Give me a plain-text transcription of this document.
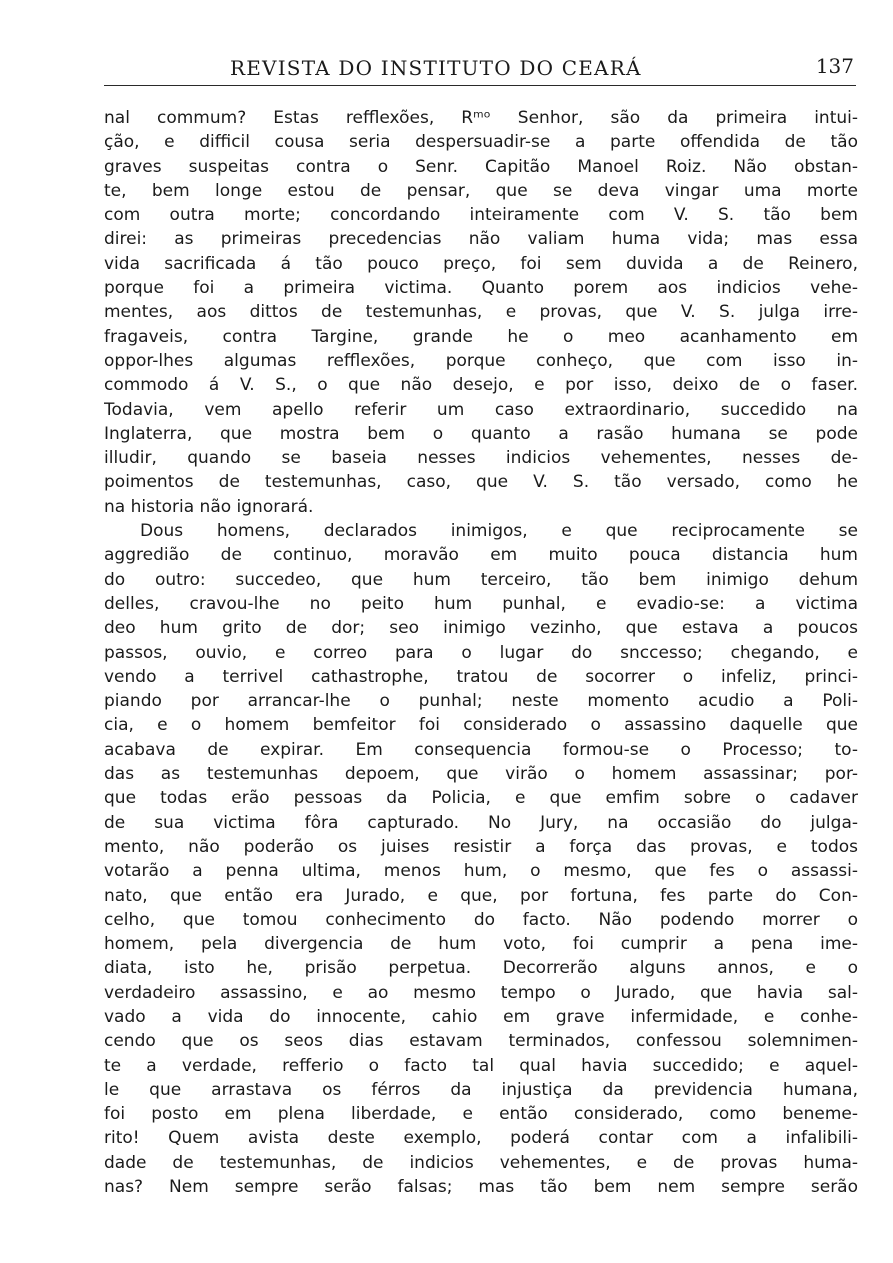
REVISTA DO INSTITUTO DO CEARÁ	137
nal commum? Estas refflexões, Rᵐᵒ Senhor, são da primeira intui-
ção, e difficil cousa seria despersuadir-se a parte offendida de tão
graves suspeitas contra o Senr. Capitão Manoel Roiz. Não obstan-
te, bem longe estou de pensar, que se deva vingar uma morte
com outra morte; concordando inteiramente com V. S. tão bem
direi: as primeiras precedencias não valiam huma vida; mas essa
vida sacrificada á tão pouco preço, foi sem duvida a de Reinero,
porque foi a primeira victima. Quanto porem aos indicios vehe-
mentes, aos dittos de testemunhas, e provas, que V. S. julga irre-
fragaveis, contra Targine, grande he o meo acanhamento em
oppor-lhes algumas refflexões, porque conheço, que com isso in-
commodo á V. S., o que não desejo, e por isso, deixo de o faser.
Todavia, vem apello referir um caso extraordinario, succedido na
Inglaterra, que mostra bem o quanto a rasão humana se pode
illudir, quando se baseia nesses indicios vehementes, nesses de-
poimentos de testemunhas, caso, que V. S. tão versado, como he
na historia não ignorará.
Dous homens, declarados inimigos, e que reciprocamente se
aggredião de continuo, moravão em muito pouca distancia hum
do outro: succedeo, que hum terceiro, tão bem inimigo dehum
delles, cravou-lhe no peito hum punhal, e evadio-se: a victima
deo hum grito de dor; seo inimigo vezinho, que estava a poucos
passos, ouvio, e correo para o lugar do snccesso; chegando, e
vendo a terrivel cathastrophe, tratou de socorrer o infeliz, princi-
piando por arrancar-lhe o punhal; neste momento acudio a Poli-
cia, e o homem bemfeitor foi considerado o assassino daquelle que
acabava de expirar. Em consequencia formou-se o Processo; to-
das as testemunhas depoem, que virão o homem assassinar; por-
que todas erão pessoas da Policia, e que emfim sobre o cadaver
de sua victima fôra capturado. No Jury, na occasião do julga-
mento, não poderão os juises resistir a força das provas, e todos
votarão a penna ultima, menos hum, o mesmo, que fes o assassi-
nato, que então era Jurado, e que, por fortuna, fes parte do Con-
celho, que tomou conhecimento do facto. Não podendo morrer o
homem, pela divergencia de hum voto, foi cumprir a pena ime-
diata, isto he, prisão perpetua. Decorrerão alguns annos, e o
verdadeiro assassino, e ao mesmo tempo o Jurado, que havia sal-
vado a vida do innocente, cahio em grave infermidade, e conhe-
cendo que os seos dias estavam terminados, confessou solemnimen-
te a verdade, refferio o facto tal qual havia succedido; e aquel-
le que arrastava os férros da injustiça da previdencia humana,
foi posto em plena liberdade, e então considerado, como beneme-
rito! Quem avista deste exemplo, poderá contar com a infalibili-
dade de testemunhas, de indicios vehementes, e de provas huma-
nas? Nem sempre serão falsas; mas tão bem nem sempre serão
